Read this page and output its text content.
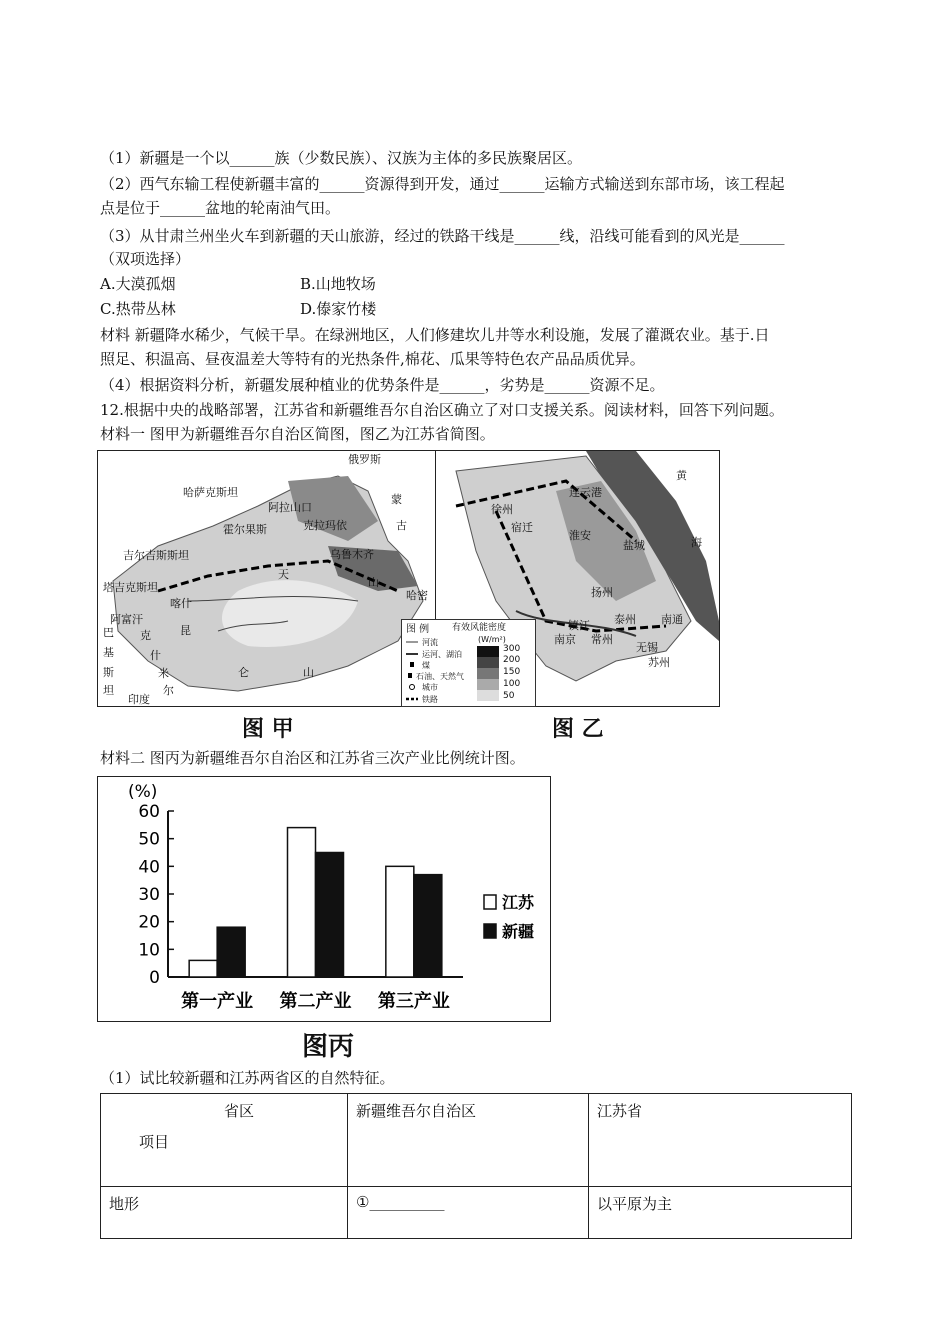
（1）新疆是一个以______族（少数民族）、汉族为主体的多民族聚居区。
（2）西气东输工程使新疆丰富的______资源得到开发，通过______运输方式输送到东部市场，该工程起
点是位于______盆地的轮南油气田。
（3）从甘肃兰州坐火车到新疆的天山旅游，经过的铁路干线是______线，沿线可能看到的风光是______
（双项选择）
A.大漠孤烟	B.山地牧场
C.热带丛林	D.傣家竹楼
材料 新疆降水稀少，气候干旱。在绿洲地区，人们修建坎儿井等水利设施，发展了灌溉农业。基于.日
照足、积温高、昼夜温差大等特有的光热条件,棉花、瓜果等特色农产品品质优异。
（4）根据资料分析，新疆发展种植业的优势条件是______，劣势是______资源不足。
12.根据中央的战略部署，江苏省和新疆维吾尔自治区确立了对口支援关系。阅读材料，回答下列问题。
材料一 图甲为新疆维吾尔自治区简图，图乙为江苏省简图。
俄罗斯
哈萨克斯坦
阿拉山口
蒙
古
克拉玛依
霍尔果斯
吉尔吉斯斯坦	乌鲁木齐
天
山
塔吉克斯坦
喀什
哈密
阿富汗
巴
基
斯
坦
克
什
米
尔
昆
仑	山
印度
黄
海
连云港
徐州
宿迁
淮安
盐城
扬州
泰州 南通
镇江
南京 常州
无锡
苏州
图 例	有效风能密度
(W/m²)
河流
运河、湖泊
煤
石油、天然气
城市
铁路
300
200
150
100
50
图 甲	图 乙
材料二 图丙为新疆维吾尔自治区和江苏省三次产业比例统计图。
(%)
0
10
20
30
40
50
60
第一产业 第二产业 第三产业
江苏
新疆
图丙
（1）试比较新疆和江苏两省区的自然特征。
省区
项目	新疆维吾尔自治区	江苏省
地形	①__________	以平原为主
